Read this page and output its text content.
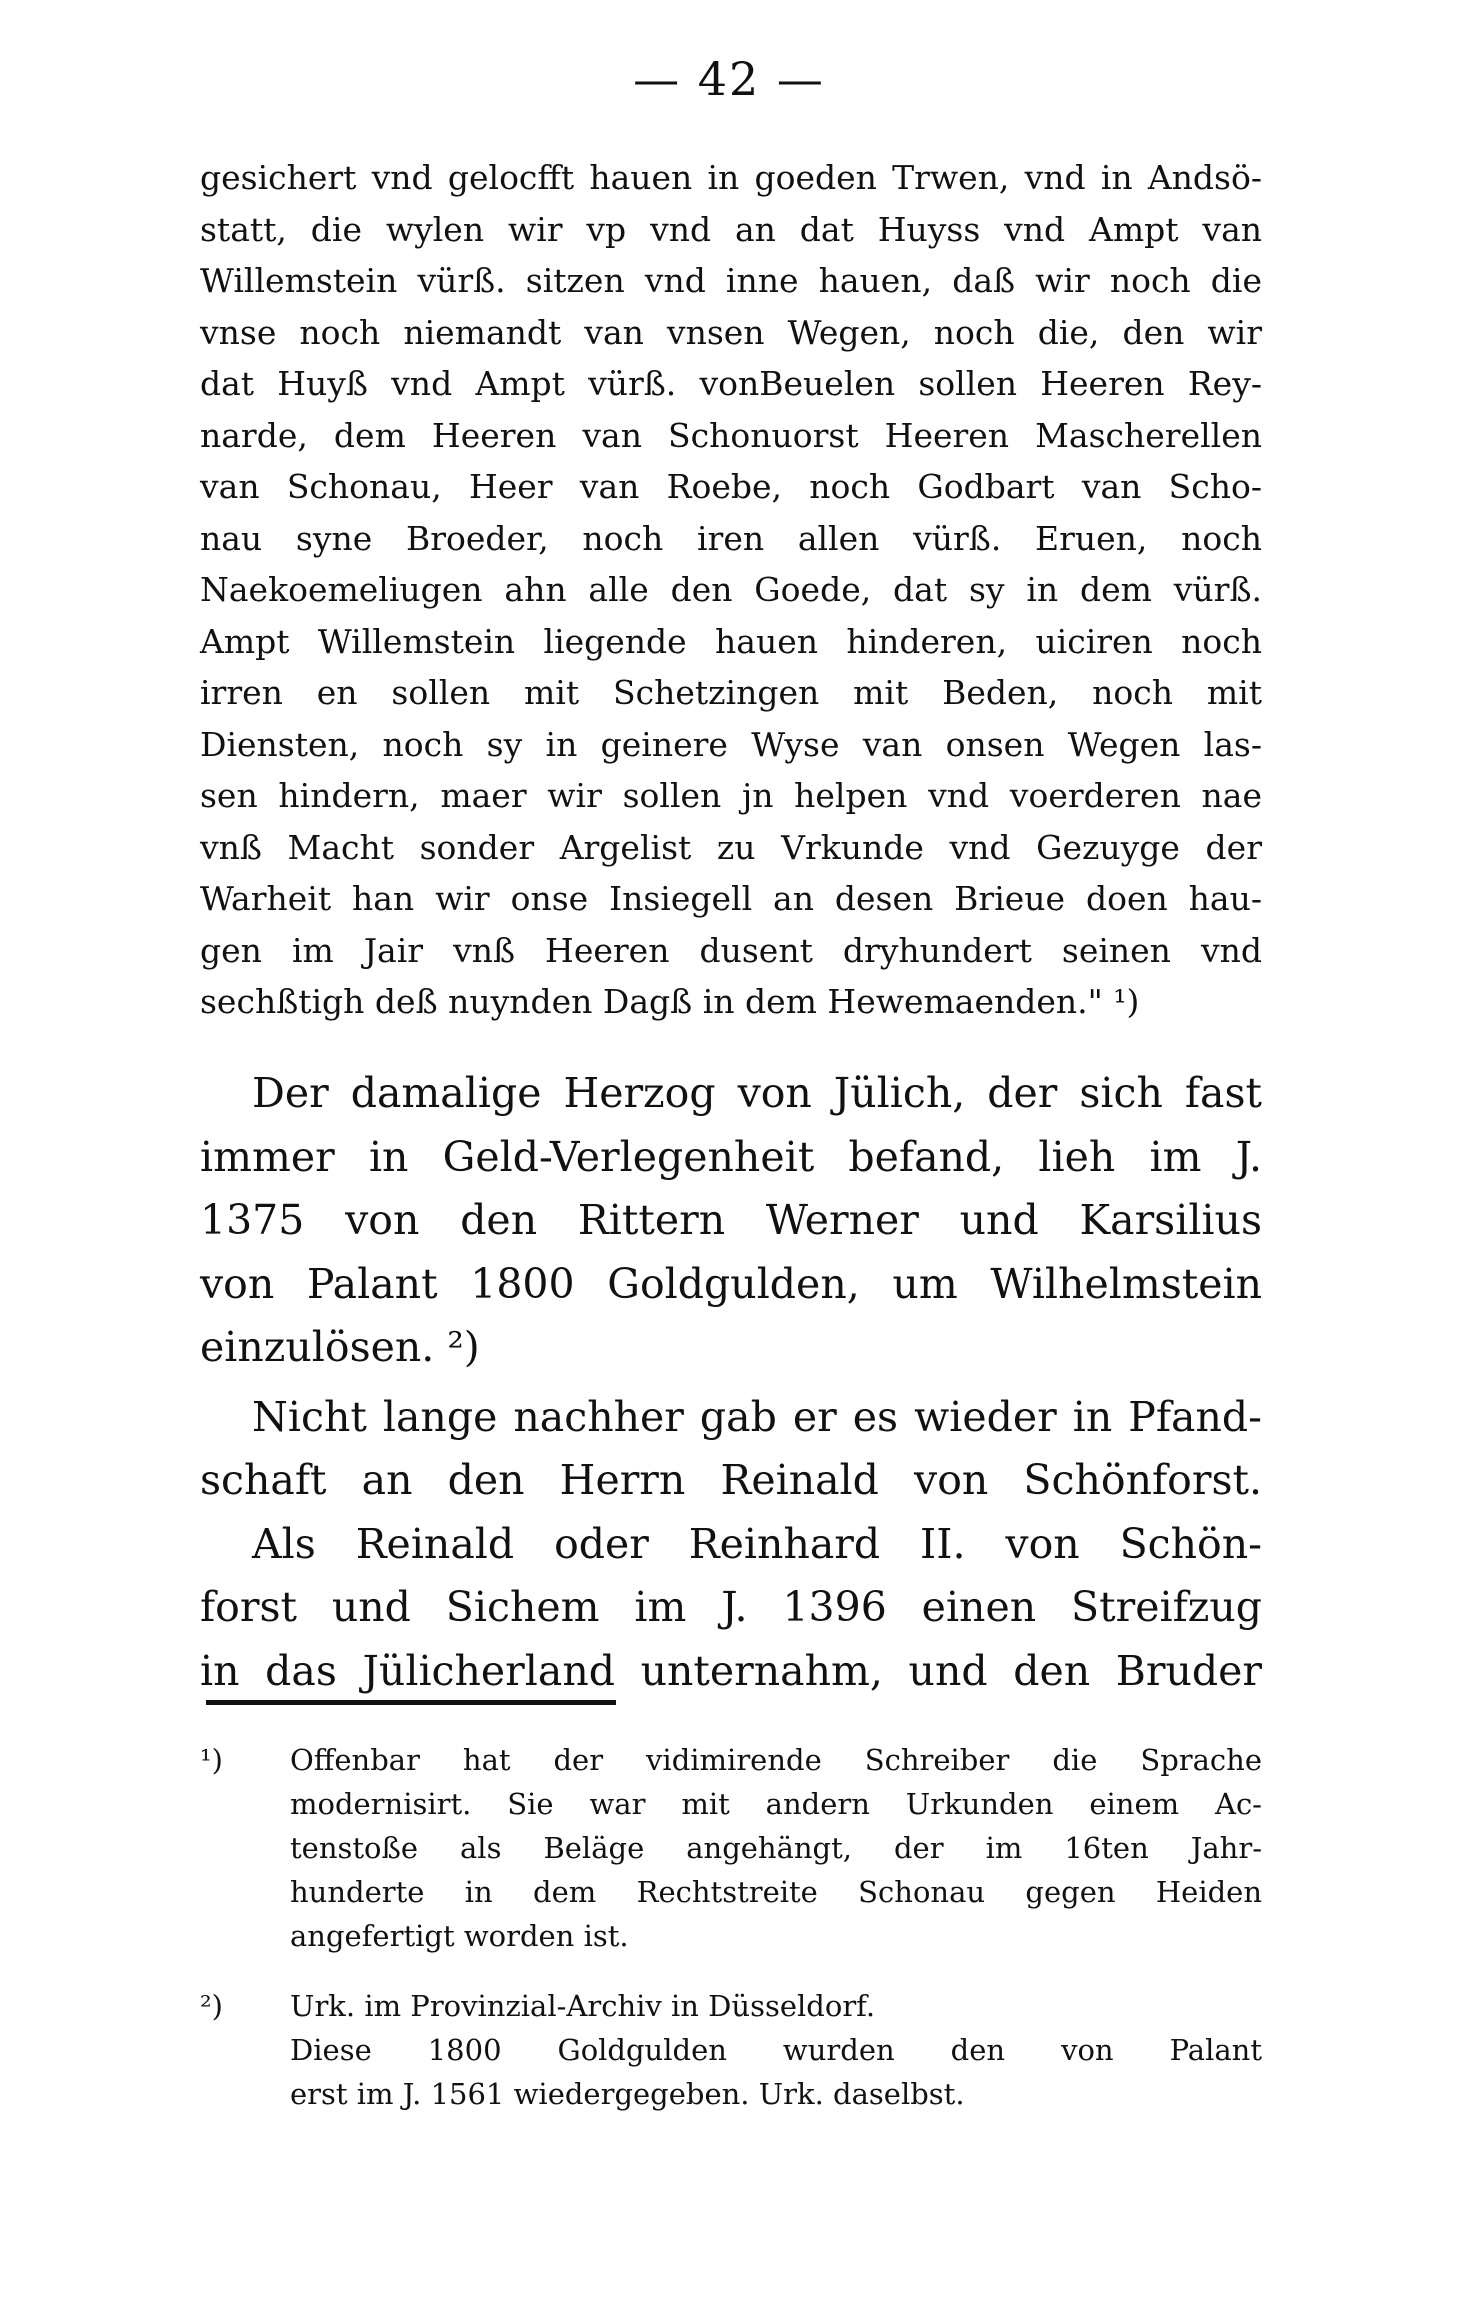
— 42 —
gesichert vnd gelocfft hauen in goeden Trwen, vnd in Andsö-
statt, die wylen wir vp vnd an dat Huyss vnd Ampt van
Willemstein vürß. sitzen vnd inne hauen, daß wir noch die
vnse noch niemandt van vnsen Wegen, noch die, den wir
dat Huyß vnd Ampt vürß. vonBeuelen sollen Heeren Rey-
narde, dem Heeren van Schonuorst Heeren Mascherellen
van Schonau, Heer van Roebe, noch Godbart van Scho-
nau syne Broeder, noch iren allen vürß. Eruen, noch
Naekoemeliugen ahn alle den Goede, dat sy in dem vürß.
Ampt Willemstein liegende hauen hinderen, uiciren noch
irren en sollen mit Schetzingen mit Beden, noch mit
Diensten, noch sy in geinere Wyse van onsen Wegen las-
sen hindern, maer wir sollen jn helpen vnd voerderen nae
vnß Macht sonder Argelist zu Vrkunde vnd Gezuyge der
Warheit han wir onse Insiegell an desen Brieue doen hau-
gen im Jair vnß Heeren dusent dryhundert seinen vnd
sechßtigh deß nuynden Dagß in dem Hewemaenden." ¹)
Der damalige Herzog von Jülich, der sich fast
immer in Geld-Verlegenheit befand, lieh im J.
1375 von den Rittern Werner und Karsilius
von Palant 1800 Goldgulden, um Wilhelmstein
einzulösen. ²)
Nicht lange nachher gab er es wieder in Pfand-
schaft an den Herrn Reinald von Schönforst.
Als Reinald oder Reinhard II. von Schön-
forst und Sichem im J. 1396 einen Streifzug
in das Jülicherland unternahm, und den Bruder
¹) Offenbar hat der vidimirende Schreiber die Sprache
modernisirt. Sie war mit andern Urkunden einem Ac-
tenstoße als Beläge angehängt, der im 16ten Jahr-
hunderte in dem Rechtstreite Schonau gegen Heiden
angefertigt worden ist.
²) Urk. im Provinzial-Archiv in Düsseldorf.
Diese 1800 Goldgulden wurden den von Palant
erst im J. 1561 wiedergegeben. Urk. daselbst.
